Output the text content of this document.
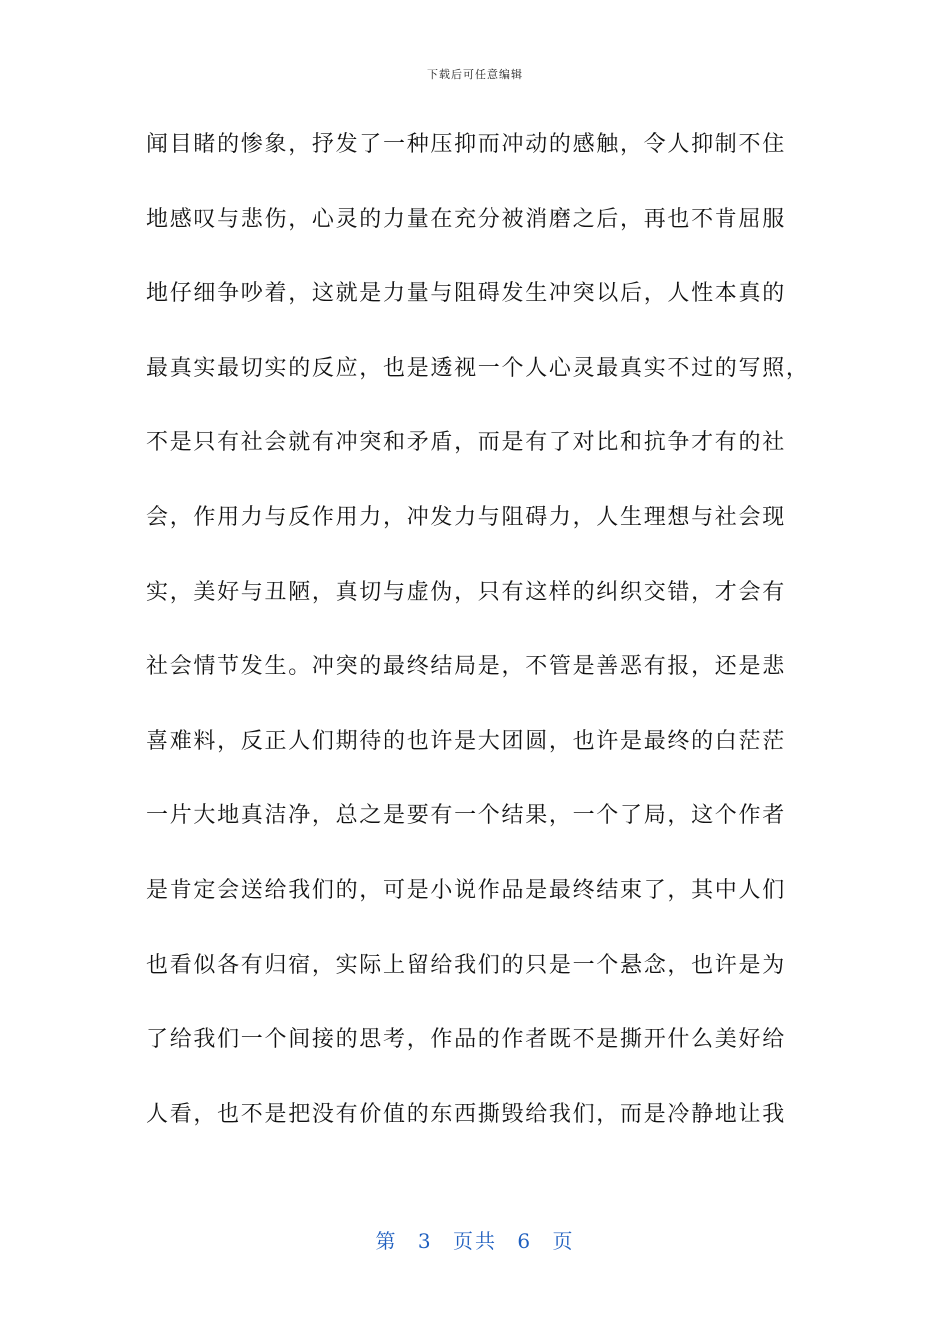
下载后可任意编辑
闻目睹的惨象，抒发了一种压抑而冲动的感触，令人抑制不住
地感叹与悲伤，心灵的力量在充分被消磨之后，再也不肯屈服
地仔细争吵着，这就是力量与阻碍发生冲突以后，人性本真的
最真实最切实的反应，也是透视一个人心灵最真实不过的写照，
不是只有社会就有冲突和矛盾，而是有了对比和抗争才有的社
会，作用力与反作用力，冲发力与阻碍力，人生理想与社会现
实，美好与丑陋，真切与虚伪，只有这样的纠织交错，才会有
社会情节发生。冲突的最终结局是，不管是善恶有报，还是悲
喜难料，反正人们期待的也许是大团圆，也许是最终的白茫茫
一片大地真洁净，总之是要有一个结果，一个了局，这个作者
是肯定会送给我们的，可是小说作品是最终结束了，其中人们
也看似各有归宿，实际上留给我们的只是一个悬念，也许是为
了给我们一个间接的思考，作品的作者既不是撕开什么美好给
人看，也不是把没有价值的东西撕毁给我们，而是冷静地让我
第 3 页共 6 页
